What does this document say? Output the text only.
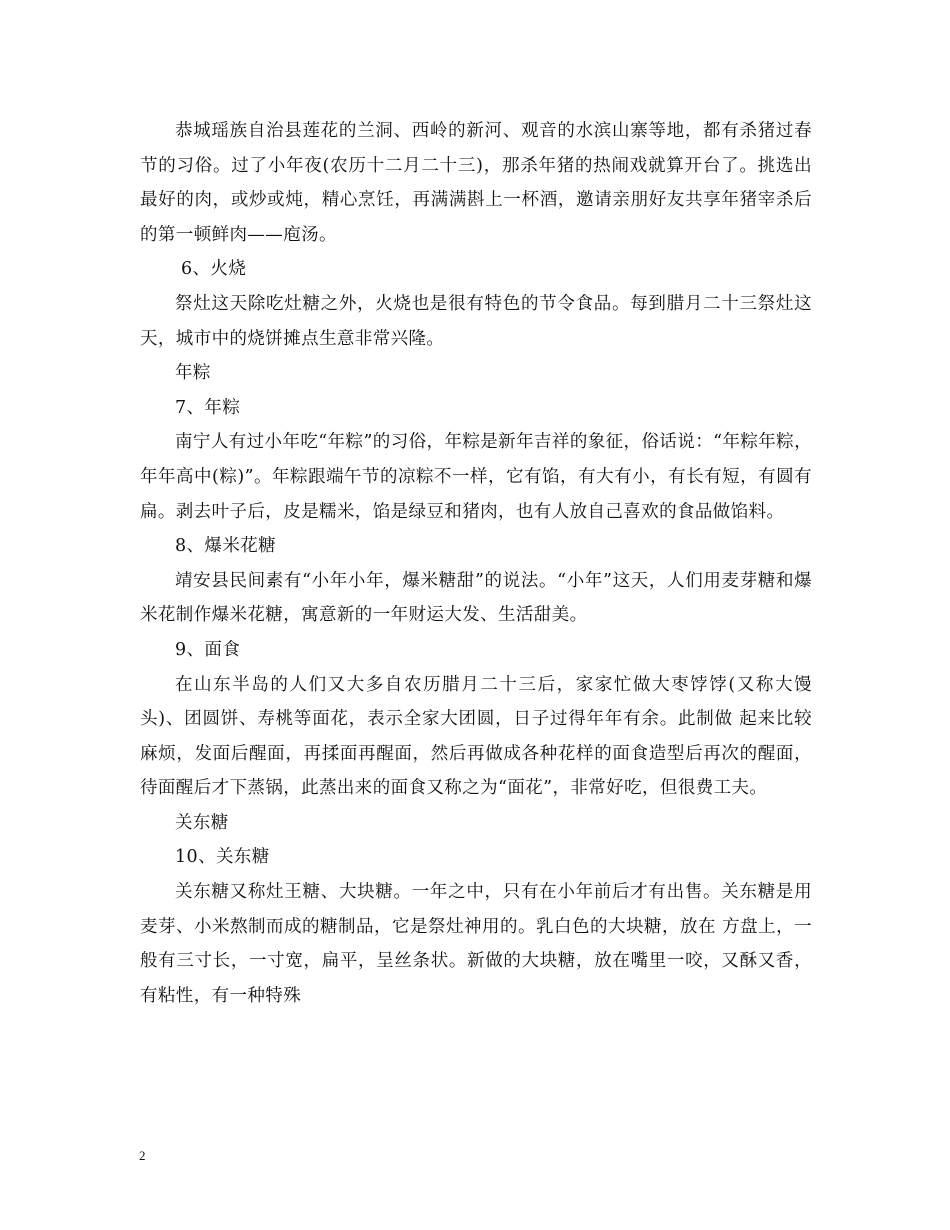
恭城瑶族自治县莲花的兰洞、西岭的新河、观音的水滨山寨等地，都有杀猪过春节的习俗。过了小年夜(农历十二月二十三)，那杀年猪的热闹戏就算开台了。挑选出最好的肉，或炒或炖，精心烹饪，再满满斟上一杯酒，邀请亲朋好友共享年猪宰杀后的第一顿鲜肉——庖汤。

6、火烧

祭灶这天除吃灶糖之外，火烧也是很有特色的节令食品。每到腊月二十三祭灶这天，城市中的烧饼摊点生意非常兴隆。

年粽

7、年粽

南宁人有过小年吃“年粽”的习俗，年粽是新年吉祥的象征，俗话说：“年粽年粽，年年高中(粽)”。年粽跟端午节的凉粽不一样，它有馅，有大有小，有长有短，有圆有扁。剥去叶子后，皮是糯米，馅是绿豆和猪肉，也有人放自己喜欢的食品做馅料。

8、爆米花糖

靖安县民间素有“小年小年，爆米糖甜”的说法。“小年”这天，人们用麦芽糖和爆米花制作爆米花糖，寓意新的一年财运大发、生活甜美。

9、面食

在山东半岛的人们又大多自农历腊月二十三后，家家忙做大枣饽饽(又称大馒头)、团圆饼、寿桃等面花，表示全家大团圆，日子过得年年有余。此制做 起来比较麻烦，发面后醒面，再揉面再醒面，然后再做成各种花样的面食造型后再次的醒面，待面醒后才下蒸锅，此蒸出来的面食又称之为“面花”，非常好吃，但很费工夫。

关东糖

10、关东糖

关东糖又称灶王糖、大块糖。一年之中，只有在小年前后才有出售。关东糖是用麦芽、小米熬制而成的糖制品，它是祭灶神用的。乳白色的大块糖，放在 方盘上，一般有三寸长，一寸宽，扁平，呈丝条状。新做的大块糖，放在嘴里一咬，又酥又香，有粘性，有一种特殊

2
